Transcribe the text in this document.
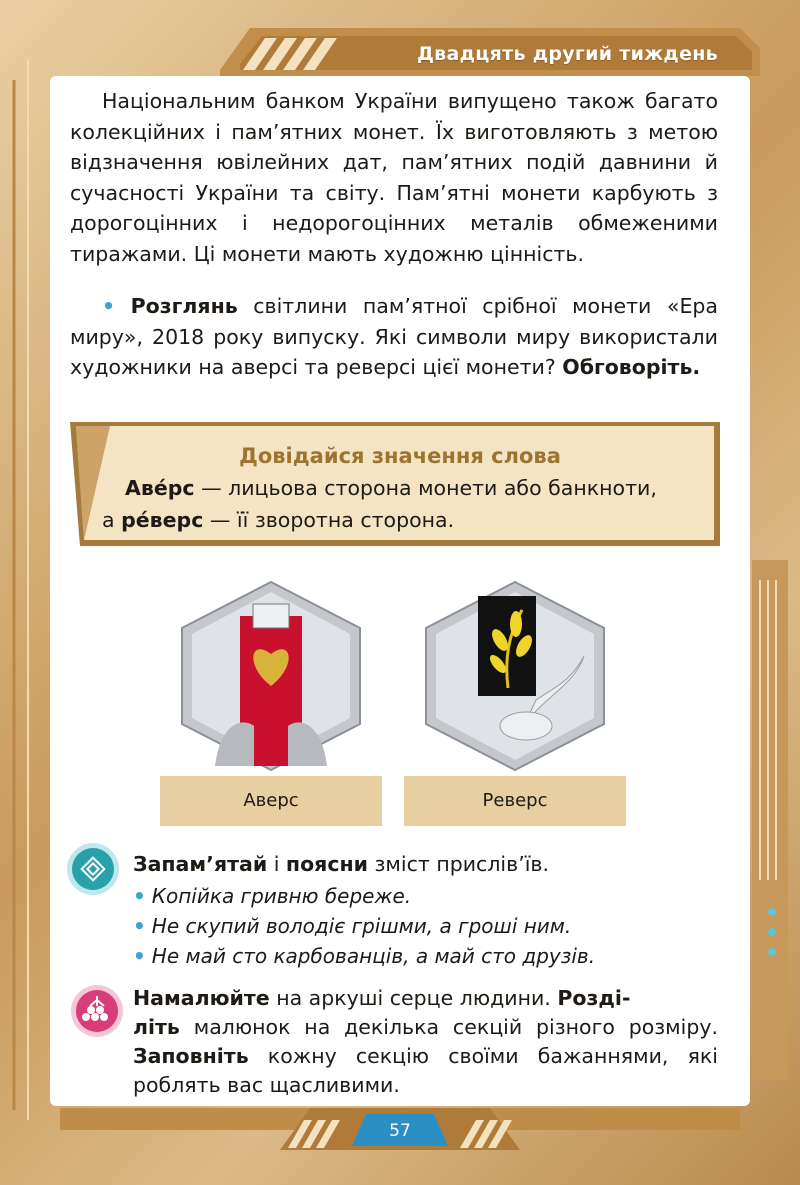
Двадцять другий тиждень

Національним банком України випущено також багато колекційних і пам’ятних монет. Їх виготовляють з метою відзначення ювілейних дат, пам’ятних подій давнини й сучасності України та світу. Пам’ятні монети карбують з дорогоцінних і недорогоцінних металів обмеженими тиражами. Ці монети мають художню цінність.

• Розглянь світлини пам’ятної срібної монети «Ера миру», 2018 року випуску. Які символи миру використали художники на аверсі та реверсі цієї монети? Обговоріть.

Довідайся значення слова
Аве́рс — лицьова сторона монети або банкноти,
а ре́верс — її зворотна сторона.
Аверс	Реверс
Запам’ятай і поясни зміст прислів’їв.
• Копійка гривню береже.
• Не скупий володіє грішми, а гроші ним.
• Не май сто карбованців, а май сто друзів.

Намалюйте на аркуші серце людини. Розді-
літь малюнок на декілька секцій різного розміру. Заповніть кожну секцію своїми бажаннями, які роблять вас щасливими.

57
